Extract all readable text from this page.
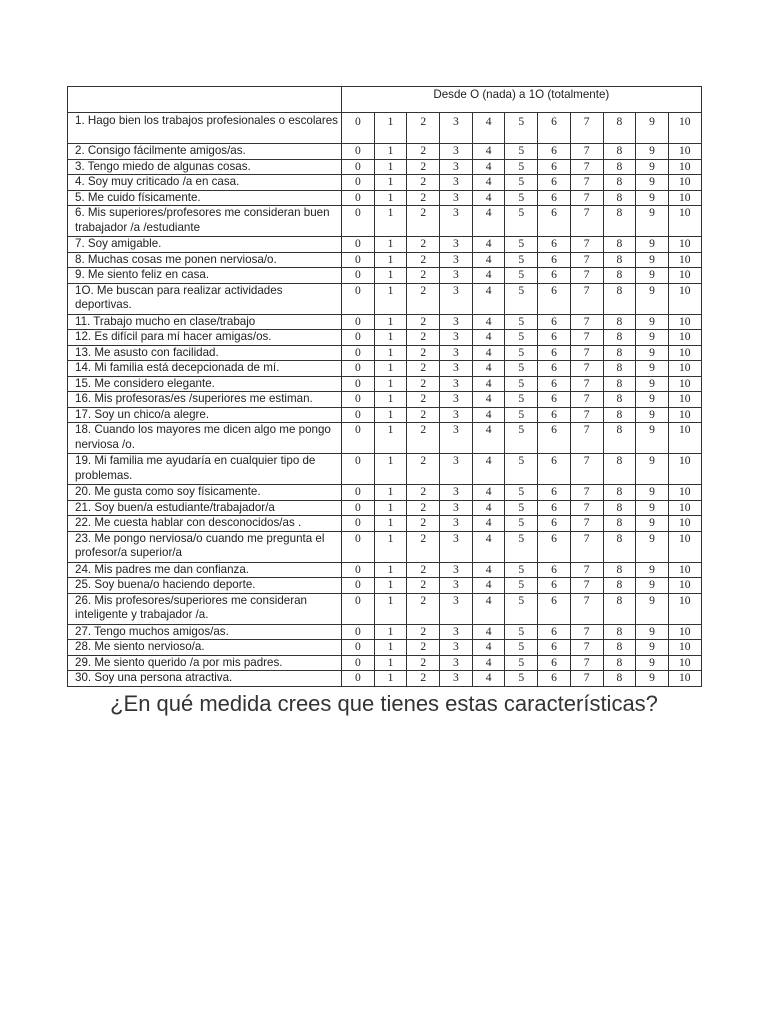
	Desde O (nada) a 1O (totalmente)										
1. Hago bien los trabajos profesionales o escolares	0	1	2	3	4	5	6	7	8	9	10
2. Consigo fácilmente amigos/as.	0	1	2	3	4	5	6	7	8	9	10
3. Tengo miedo de algunas cosas.	0	1	2	3	4	5	6	7	8	9	10
4. Soy muy criticado /a en casa.	0	1	2	3	4	5	6	7	8	9	10
5. Me cuido físicamente.	0	1	2	3	4	5	6	7	8	9	10
6. Mis superiores/profesores me consideran buen trabajador /a /estudiante	0	1	2	3	4	5	6	7	8	9	10
7. Soy amigable.	0	1	2	3	4	5	6	7	8	9	10
8. Muchas cosas me ponen nerviosa/o.	0	1	2	3	4	5	6	7	8	9	10
9. Me siento feliz en casa.	0	1	2	3	4	5	6	7	8	9	10
1O. Me buscan para realizar actividades deportivas.	0	1	2	3	4	5	6	7	8	9	10
11. Trabajo mucho en clase/trabajo	0	1	2	3	4	5	6	7	8	9	10
12. Es difícil para mí hacer amigas/os.	0	1	2	3	4	5	6	7	8	9	10
13. Me asusto con facilidad.	0	1	2	3	4	5	6	7	8	9	10
14. Mi familia está decepcionada de mí.	0	1	2	3	4	5	6	7	8	9	10
15. Me considero elegante.	0	1	2	3	4	5	6	7	8	9	10
16. Mis profesoras/es /superiores me estiman.	0	1	2	3	4	5	6	7	8	9	10
17. Soy un chico/a alegre.	0	1	2	3	4	5	6	7	8	9	10
18. Cuando los mayores me dicen algo me pongo nerviosa /o.	0	1	2	3	4	5	6	7	8	9	10
19. Mi familia me ayudaría en cualquier tipo de problemas.	0	1	2	3	4	5	6	7	8	9	10
20. Me gusta como soy físicamente.	0	1	2	3	4	5	6	7	8	9	10
21. Soy buen/a estudiante/trabajador/a	0	1	2	3	4	5	6	7	8	9	10
22. Me cuesta hablar con desconocidos/as .	0	1	2	3	4	5	6	7	8	9	10
23. Me pongo nerviosa/o cuando me pregunta el profesor/a superior/a	0	1	2	3	4	5	6	7	8	9	10
24. Mis padres me dan confianza.	0	1	2	3	4	5	6	7	8	9	10
25. Soy buena/o haciendo deporte.	0	1	2	3	4	5	6	7	8	9	10
26. Mis profesores/superiores me consideran inteligente y trabajador /a.	0	1	2	3	4	5	6	7	8	9	10
27. Tengo muchos amigos/as.	0	1	2	3	4	5	6	7	8	9	10
28. Me siento nervioso/a.	0	1	2	3	4	5	6	7	8	9	10
29. Me siento querido /a por mis padres.	0	1	2	3	4	5	6	7	8	9	10
30. Soy una persona atractiva.	0	1	2	3	4	5	6	7	8	9	10
¿En qué medida crees que tienes estas características?
